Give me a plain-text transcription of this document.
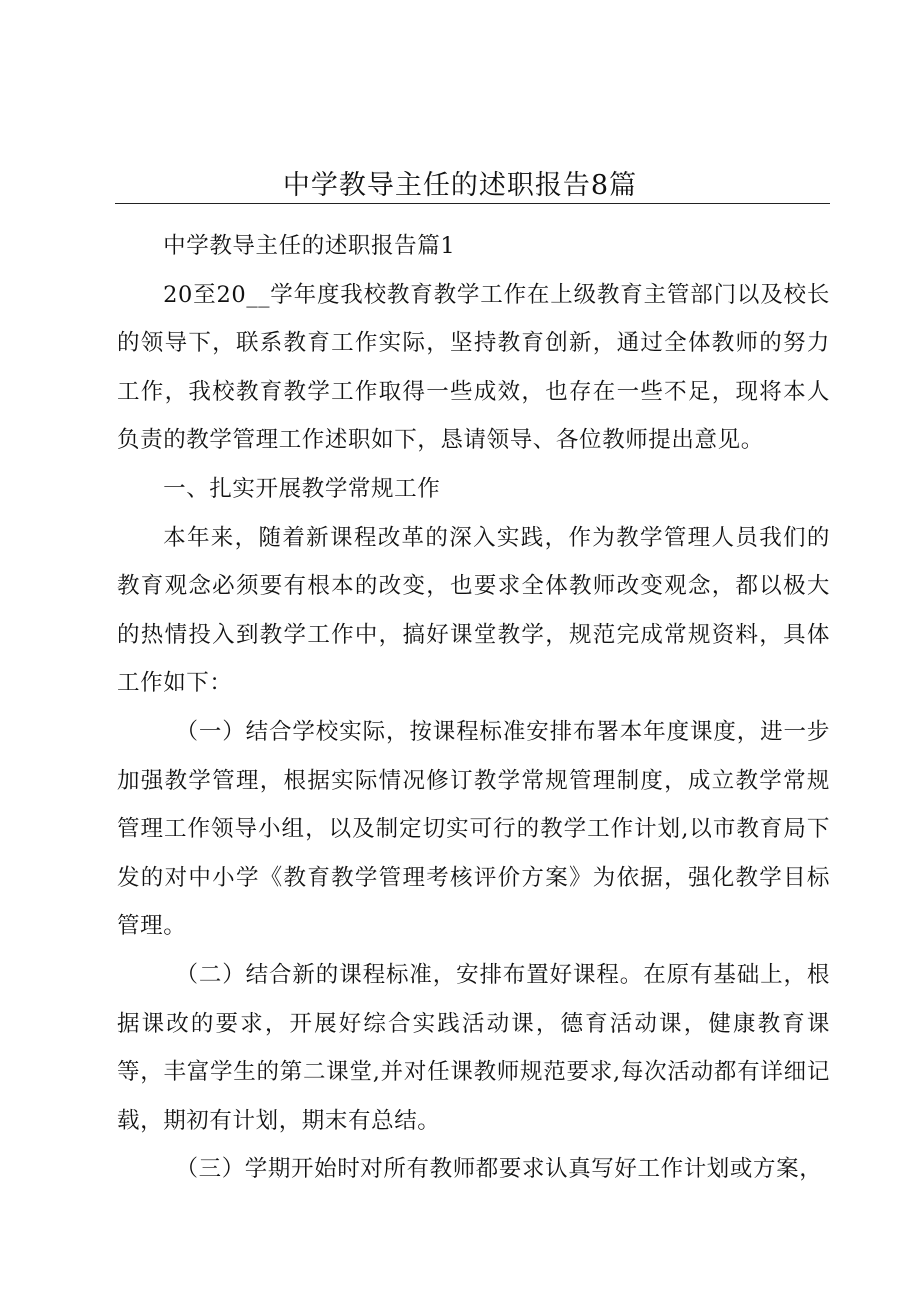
中学教导主任的述职报告8篇

中学教导主任的述职报告篇1

20至20__学年度我校教育教学工作在上级教育主管部门以及校长的领导下，联系教育工作实际，坚持教育创新，通过全体教师的努力工作，我校教育教学工作取得一些成效，也存在一些不足，现将本人负责的教学管理工作述职如下，恳请领导、各位教师提出意见。

一、扎实开展教学常规工作

本年来，随着新课程改革的深入实践，作为教学管理人员我们的教育观念必须要有根本的改变，也要求全体教师改变观念，都以极大的热情投入到教学工作中，搞好课堂教学，规范完成常规资料，具体工作如下：

（一）结合学校实际，按课程标准安排布署本年度课度，进一步加强教学管理，根据实际情况修订教学常规管理制度，成立教学常规管理工作领导小组，以及制定切实可行的教学工作计划,以市教育局下发的对中小学《教育教学管理考核评价方案》为依据，强化教学目标管理。

（二）结合新的课程标准，安排布置好课程。在原有基础上，根据课改的要求，开展好综合实践活动课，德育活动课，健康教育课等，丰富学生的第二课堂,并对任课教师规范要求,每次活动都有详细记载，期初有计划，期末有总结。

（三）学期开始时对所有教师都要求认真写好工作计划或方案，
